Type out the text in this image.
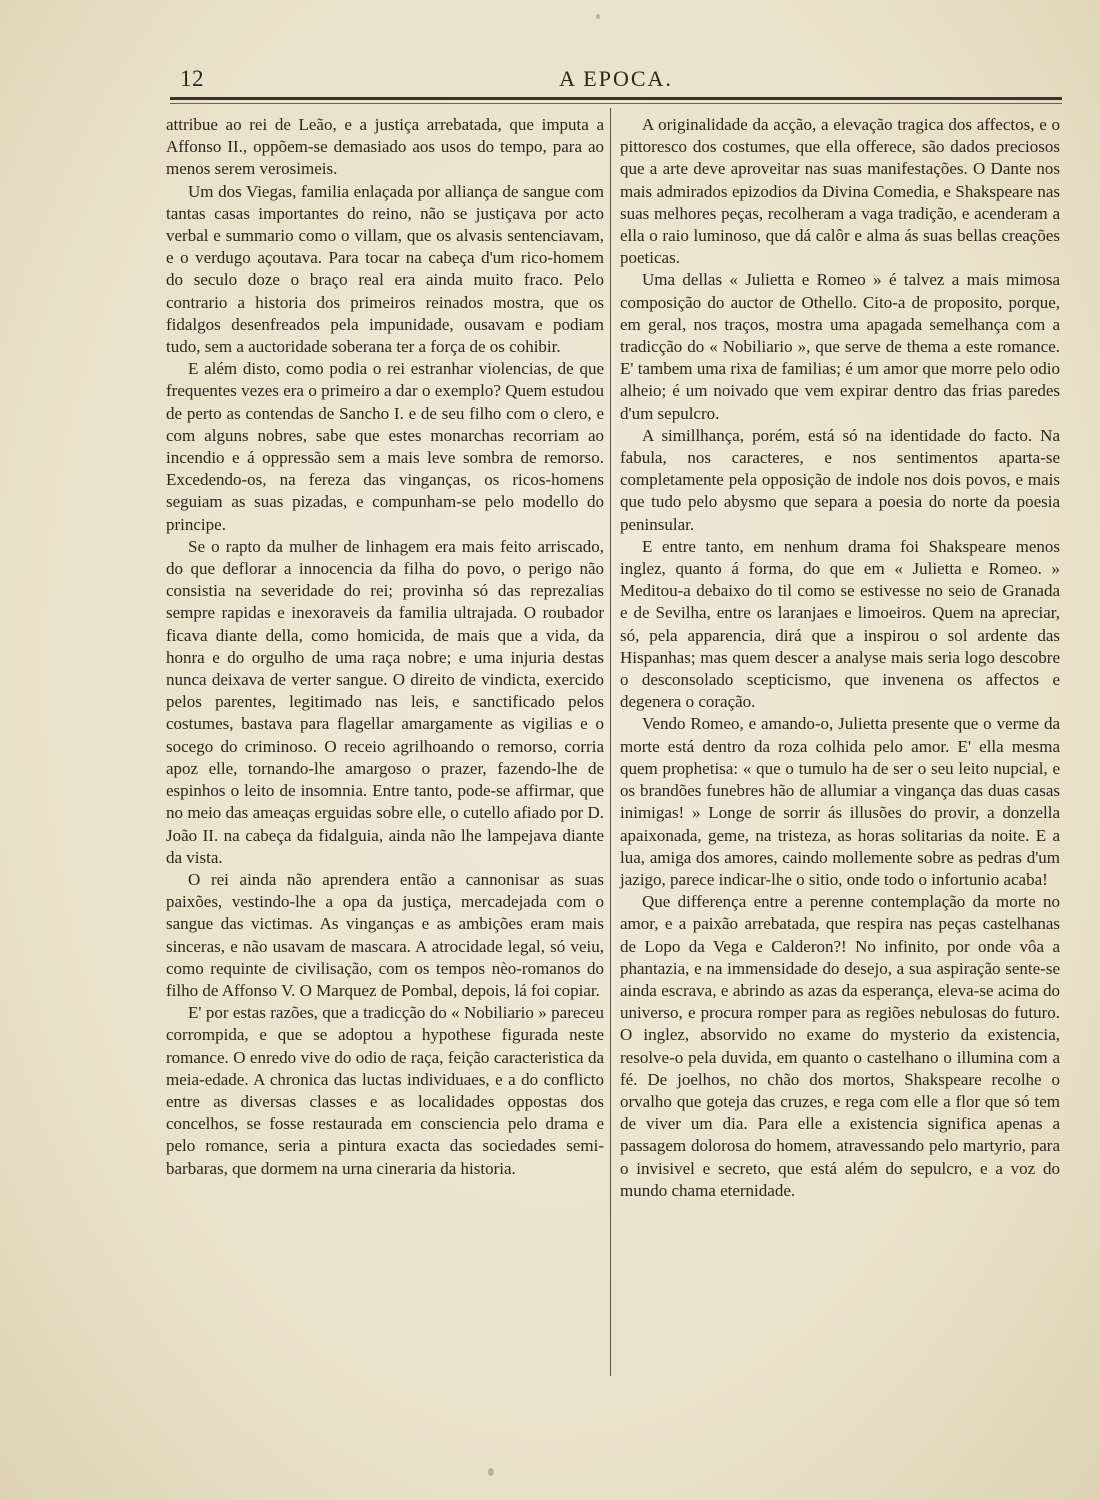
12	A EPOCA.

attribue ao rei de Leão, e a justiça arrebatada, que imputa a Affonso II., oppõem-se demasiado aos usos do tempo, para ao menos serem verosimeis.

Um dos Viegas, familia enlaçada por alliança de sangue com tantas casas importantes do reino, não se justiçava por acto verbal e summario como o villam, que os alvasis sentenciavam, e o verdugo açoutava. Para tocar na cabeça d'um rico-homem do seculo doze o braço real era ainda muito fraco. Pelo contrario a historia dos primeiros reinados mostra, que os fidalgos desenfreados pela impunidade, ousavam e podiam tudo, sem a auctoridade soberana ter a força de os cohibir.

E além disto, como podia o rei estranhar violencias, de que frequentes vezes era o primeiro a dar o exemplo? Quem estudou de perto as contendas de Sancho I. e de seu filho com o clero, e com alguns nobres, sabe que estes monarchas recorriam ao incendio e á oppressão sem a mais leve sombra de remorso. Excedendo-os, na fereza das vinganças, os ricos-homens seguiam as suas pizadas, e compunham-se pelo modello do principe.

Se o rapto da mulher de linhagem era mais feito arriscado, do que deflorar a innocencia da filha do povo, o perigo não consistia na severidade do rei; provinha só das reprezalias sempre rapidas e inexoraveis da familia ultrajada. O roubador ficava diante della, como homicida, de mais que a vida, da honra e do orgulho de uma raça nobre; e uma injuria destas nunca deixava de verter sangue. O direito de vindicta, exercido pelos parentes, legitimado nas leis, e sanctificado pelos costumes, bastava para flagellar amargamente as vigilias e o socego do criminoso. O receio agrilhoando o remorso, corria apoz elle, tornando-lhe amargoso o prazer, fazendo-lhe de espinhos o leito de insomnia. Entre tanto, pode-se affirmar, que no meio das ameaças erguidas sobre elle, o cutello afiado por D. João II. na cabeça da fidalguia, ainda não lhe lampejava diante da vista.

O rei ainda não aprendera então a cannonisar as suas paixões, vestindo-lhe a opa da justiça, mercadejada com o sangue das victimas. As vinganças e as ambições eram mais sinceras, e não usavam de mascara. A atrocidade legal, só veiu, como requinte de civilisação, com os tempos nèo-romanos do filho de Affonso V. O Marquez de Pombal, depois, lá foi copiar.

E' por estas razões, que a tradicção do « Nobiliario » pareceu corrompida, e que se adoptou a hypothese figurada neste romance. O enredo vive do odio de raça, feição caracteristica da meia-edade. A chronica das luctas individuaes, e a do conflicto entre as diversas classes e as localidades oppostas dos concelhos, se fosse restaurada em consciencia pelo drama e pelo romance, seria a pintura exacta das sociedades semi-barbaras, que dormem na urna cineraria da historia.

A originalidade da acção, a elevação tragica dos affectos, e o pittoresco dos costumes, que ella offerece, são dados preciosos que a arte deve aproveitar nas suas manifestações. O Dante nos mais admirados epizodios da Divina Comedia, e Shakspeare nas suas melhores peças, recolheram a vaga tradição, e acenderam a ella o raio luminoso, que dá calôr e alma ás suas bellas creações poeticas.

Uma dellas « Julietta e Romeo » é talvez a mais mimosa composição do auctor de Othello. Cito-a de proposito, porque, em geral, nos traços, mostra uma apagada semelhança com a tradicção do « Nobiliario », que serve de thema a este romance. E' tambem uma rixa de familias; é um amor que morre pelo odio alheio; é um noivado que vem expirar dentro das frias paredes d'um sepulcro.

A simillhança, porém, está só na identidade do facto. Na fabula, nos caracteres, e nos sentimentos aparta-se completamente pela opposição de indole nos dois povos, e mais que tudo pelo abysmo que separa a poesia do norte da poesia peninsular.

E entre tanto, em nenhum drama foi Shakspeare menos inglez, quanto á forma, do que em « Julietta e Romeo. » Meditou-a debaixo do til como se estivesse no seio de Granada e de Sevilha, entre os laranjaes e limoeiros. Quem na apreciar, só, pela apparencia, dirá que a inspirou o sol ardente das Hispanhas; mas quem descer a analyse mais seria logo descobre o desconsolado scepticismo, que invenena os affectos e degenera o coração.

Vendo Romeo, e amando-o, Julietta presente que o verme da morte está dentro da roza colhida pelo amor. E' ella mesma quem prophetisa: « que o tumulo ha de ser o seu leito nupcial, e os brandões funebres hão de allumiar a vingança das duas casas inimigas! » Longe de sorrir ás illusões do provir, a donzella apaixonada, geme, na tristeza, as horas solitarias da noite. E a lua, amiga dos amores, caindo mollemente sobre as pedras d'um jazigo, parece indicar-lhe o sitio, onde todo o infortunio acaba!

Que differença entre a perenne contemplação da morte no amor, e a paixão arrebatada, que respira nas peças castelhanas de Lopo da Vega e Calderon?! No infinito, por onde vôa a phantazia, e na immensidade do desejo, a sua aspiração sente-se ainda escrava, e abrindo as azas da esperança, eleva-se acima do universo, e procura romper para as regiões nebulosas do futuro. O inglez, absorvido no exame do mysterio da existencia, resolve-o pela duvida, em quanto o castelhano o illumina com a fé. De joelhos, no chão dos mortos, Shakspeare recolhe o orvalho que goteja das cruzes, e rega com elle a flor que só tem de viver um dia. Para elle a existencia significa apenas a passagem dolorosa do homem, atravessando pelo martyrio, para o invisivel e secreto, que está além do sepulcro, e a voz do mundo chama eternidade.
